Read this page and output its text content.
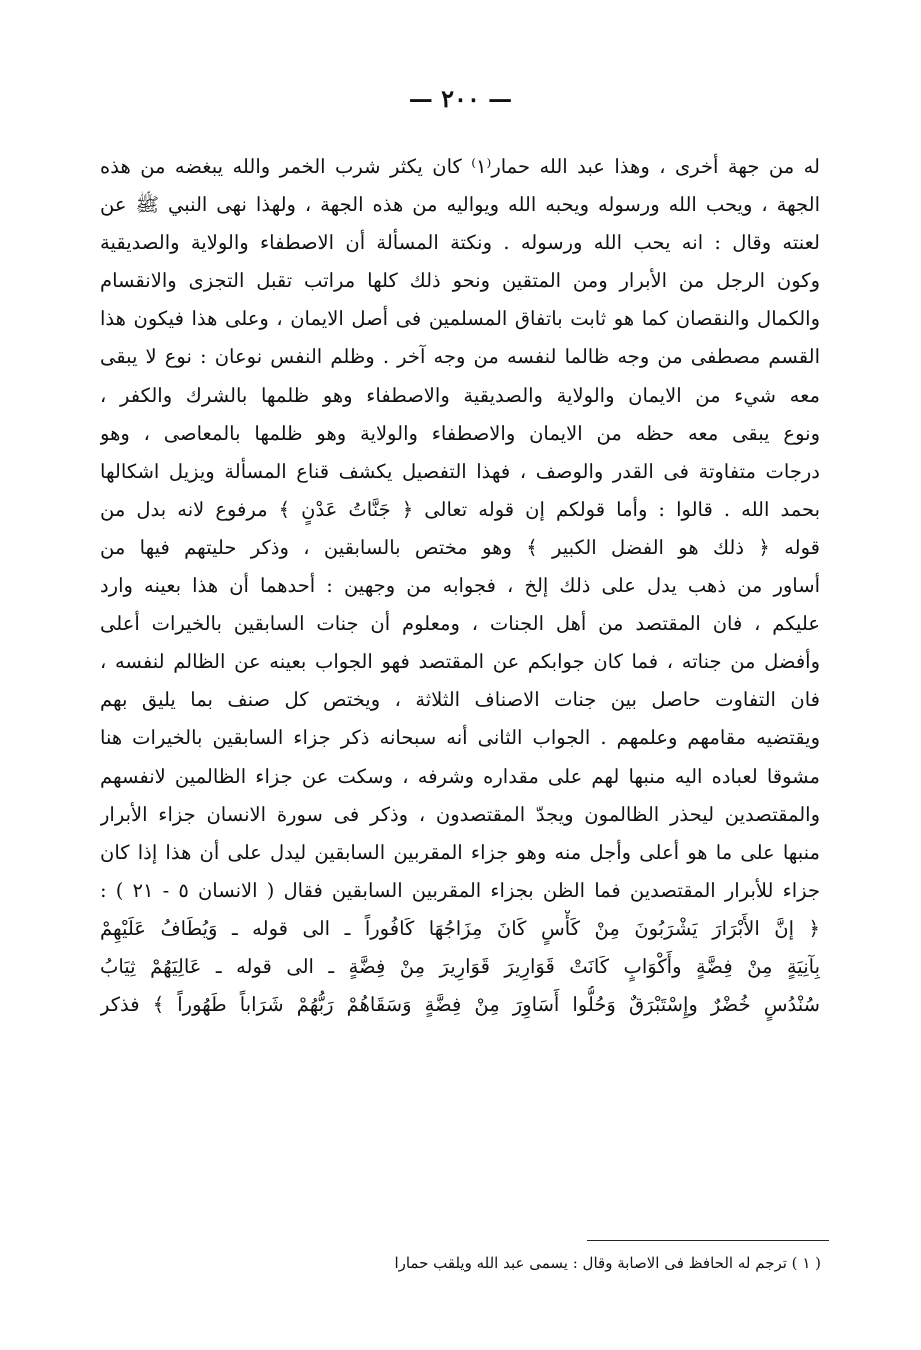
— ٢٠٠ —
له من جهة أخرى ، وهذا عبد الله حمار⁽١⁾ كان يكثر شرب الخمر والله يبغضه من هذه
الجهة ، ويحب الله ورسوله ويحبه الله ويواليه من هذه الجهة ، ولهذا نهى النبي ﷺ عن
لعنته وقال : انه يحب الله ورسوله . ونكتة المسألة أن الاصطفاء والولاية والصديقية
وكون الرجل من الأبرار ومن المتقين ونحو ذلك كلها مراتب تقبل التجزى والانقسام
والكمال والنقصان كما هو ثابت باتفاق المسلمين فى أصل الايمان ، وعلى هذا فيكون هذا
القسم مصطفى من وجه ظالما لنفسه من وجه آخر . وظلم النفس نوعان : نوع لا يبقى
معه شيء من الايمان والولاية والصديقية والاصطفاء وهو ظلمها بالشرك والكفر ،
ونوع يبقى معه حظه من الايمان والاصطفاء والولاية وهو ظلمها بالمعاصى ، وهو
درجات متفاوتة فى القدر والوصف ، فهذا التفصيل يكشف قناع المسألة ويزيل اشكالها
بحمد الله . قالوا : وأما قولكم إن قوله تعالى ﴿ جَنَّاتُ عَدْنٍ ﴾ مرفوع لانه بدل من
قوله ﴿ ذلك هو الفضل الكبير ﴾ وهو مختص بالسابقين ، وذكر حليتهم فيها من
أساور من ذهب يدل على ذلك إلخ ، فجوابه من وجهين : أحدهما أن هذا بعينه وارد
عليكم ، فان المقتصد من أهل الجنات ، ومعلوم أن جنات السابقين بالخيرات أعلى
وأفضل من جناته ، فما كان جوابكم عن المقتصد فهو الجواب بعينه عن الظالم لنفسه ،
فان التفاوت حاصل بين جنات الاصناف الثلاثة ، ويختص كل صنف بما يليق بهم
ويقتضيه مقامهم وعلمهم . الجواب الثانى أنه سبحانه ذكر جزاء السابقين بالخيرات هنا
مشوقا لعباده اليه منبها لهم على مقداره وشرفه ، وسكت عن جزاء الظالمين لانفسهم
والمقتصدين ليحذر الظالمون ويجدّ المقتصدون ، وذكر فى سورة الانسان جزاء الأبرار
منبها على ما هو أعلى وأجل منه وهو جزاء المقربين السابقين ليدل على أن هذا إذا كان
جزاء للأبرار المقتصدين فما الظن بجزاء المقربين السابقين فقال ( الانسان ٥ - ٢١ ) :
﴿ إنَّ الأَبْرَارَ يَشْرَبُونَ مِنْ كَأْسٍ كَانَ مِزَاجُهَا كَافُوراً ـ الى قوله ـ وَيُطَافُ عَلَيْهِمْ
بِآنِيَةٍ مِنْ فِضَّةٍ وأَكْوَابٍ كَانَتْ قَوَارِيرَ قَوَارِيرَ مِنْ فِضَّةٍ ـ الى قوله ـ عَالِيَهُمْ ثِيَابُ
سُنْدُسٍ خُضْرٌ وإِسْتَبْرَقٌ وَحُلُّوا أَسَاوِرَ مِنْ فِضَّةٍ وَسَقَاهُمْ رَبُّهُمْ شَرَاباً طَهُوراً ﴾ فذكر
( ١ ) ترجم له الحافظ فى الاصابة وقال : يسمى عبد الله ويلقب حمارا
